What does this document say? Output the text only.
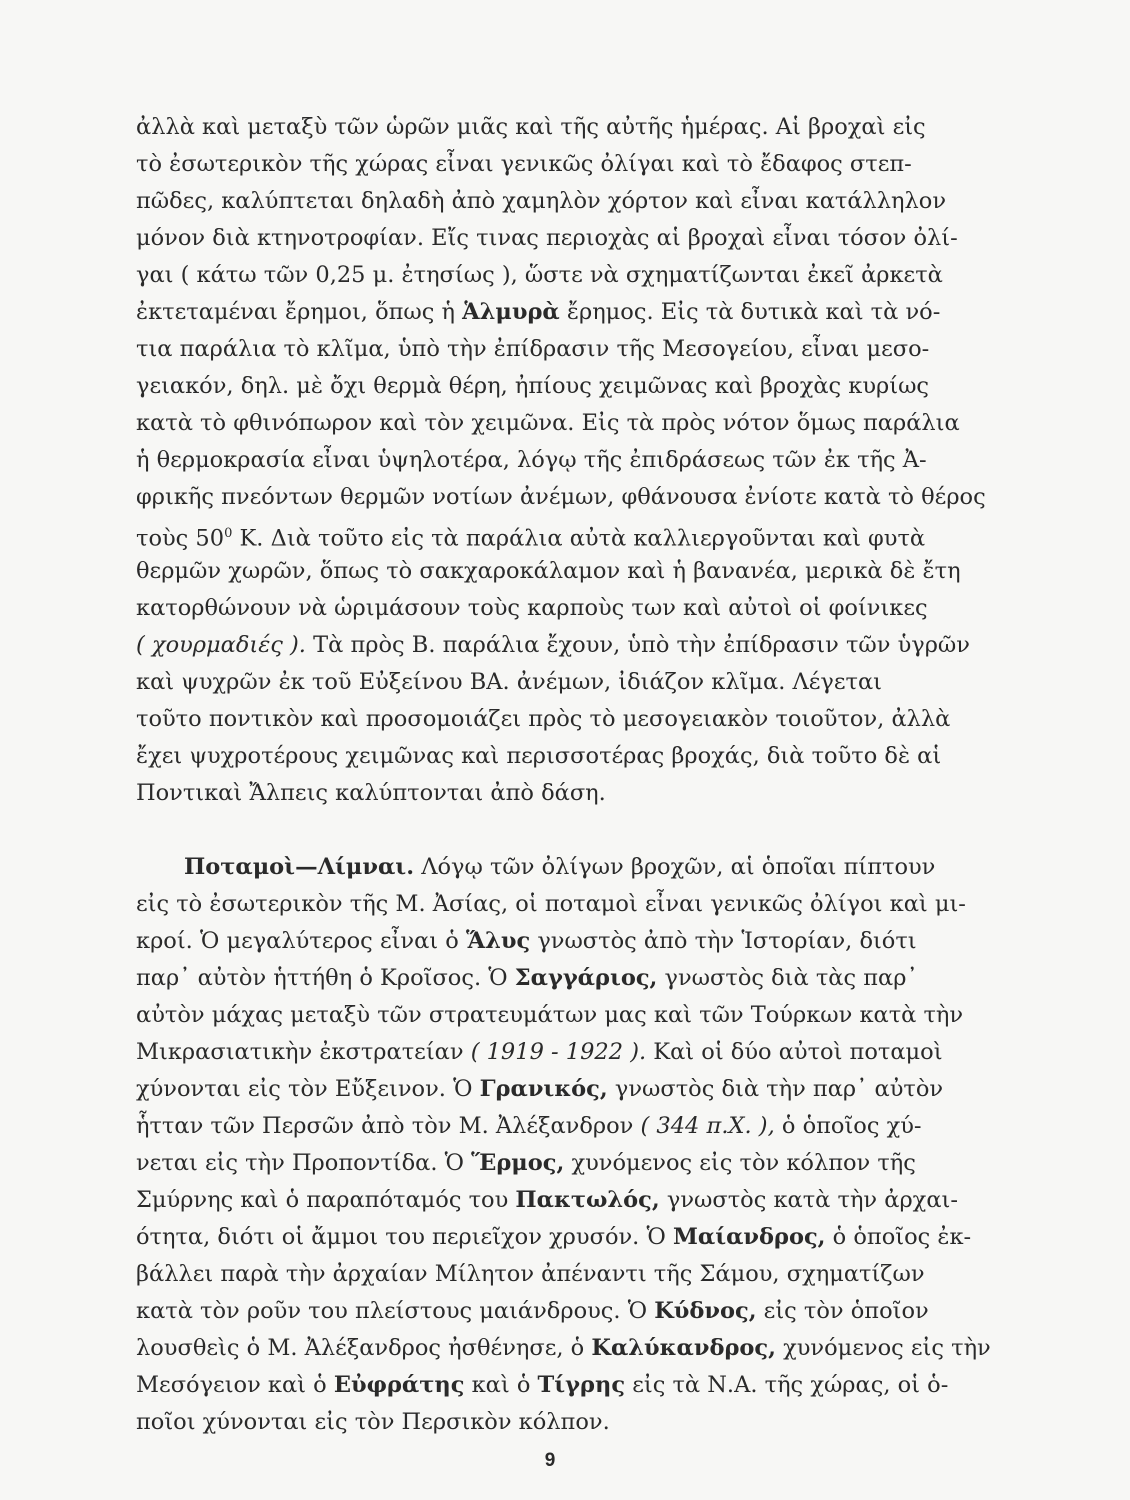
ἀλλὰ καὶ μεταξὺ τῶν ὡρῶν μιᾶς καὶ τῆς αὐτῆς ἡμέρας. Αἱ βροχαὶ εἰς
τὸ ἐσωτερικὸν τῆς χώρας εἶναι γενικῶς ὀλίγαι καὶ τὸ ἔδαφος στεπ-
πῶδες, καλύπτεται δηλαδὴ ἀπὸ χαμηλὸν χόρτον καὶ εἶναι κατάλληλον
μόνον διὰ κτηνοτροφίαν. Εἴς τινας περιοχὰς αἱ βροχαὶ εἶναι τόσον ὀλί-
γαι ( κάτω τῶν 0,25 μ. ἐτησίως ), ὥστε νὰ σχηματίζωνται ἐκεῖ ἀρκετὰ
ἐκτεταμέναι ἔρημοι, ὅπως ἡ Ἁλμυρὰ ἔρημος. Εἰς τὰ δυτικὰ καὶ τὰ νό-
τια παράλια τὸ κλῖμα, ὑπὸ τὴν ἐπίδρασιν τῆς Μεσογείου, εἶναι μεσο-
γειακόν, δηλ. μὲ ὄχι θερμὰ θέρη, ἠπίους χειμῶνας καὶ βροχὰς κυρίως
κατὰ τὸ φθινόπωρον καὶ τὸν χειμῶνα. Εἰς τὰ πρὸς νότον ὅμως παράλια
ἡ θερμοκρασία εἶναι ὑψηλοτέρα, λόγῳ τῆς ἐπιδράσεως τῶν ἐκ τῆς Ἀ-
φρικῆς πνεόντων θερμῶν νοτίων ἀνέμων, φθάνουσα ἐνίοτε κατὰ τὸ θέρος
τοὺς $50^0$ Κ. Διὰ τοῦτο εἰς τὰ παράλια αὐτὰ καλλιεργοῦνται καὶ φυτὰ
θερμῶν χωρῶν, ὅπως τὸ σακχαροκάλαμον καὶ ἡ βανανέα, μερικὰ δὲ ἔτη
κατορθώνουν νὰ ὡριμάσουν τοὺς καρποὺς των καὶ αὐτοὶ οἱ φοίνικες
( χουρμαδιές ). Τὰ πρὸς Β. παράλια ἔχουν, ὑπὸ τὴν ἐπίδρασιν τῶν ὑγρῶν
καὶ ψυχρῶν ἐκ τοῦ Εὐξείνου ΒΑ. ἀνέμων, ἰδιάζον κλῖμα. Λέγεται
τοῦτο ποντικὸν καὶ προσομοιάζει πρὸς τὸ μεσογειακὸν τοιοῦτον, ἀλλὰ
ἔχει ψυχροτέρους χειμῶνας καὶ περισσοτέρας βροχάς, διὰ τοῦτο δὲ αἱ
Ποντικαὶ Ἄλπεις καλύπτονται ἀπὸ δάση.
Ποταμοὶ—Λίμναι. Λόγῳ τῶν ὀλίγων βροχῶν, αἱ ὁποῖαι πίπτουν
εἰς τὸ ἐσωτερικὸν τῆς Μ. Ἀσίας, οἱ ποταμοὶ εἶναι γενικῶς ὀλίγοι καὶ μι-
κροί. Ὁ μεγαλύτερος εἶναι ὁ Ἅλυς γνωστὸς ἀπὸ τὴν Ἱστορίαν, διότι
παρ᾽ αὐτὸν ἡττήθη ὁ Κροῖσος. Ὁ Σαγγάριος, γνωστὸς διὰ τὰς παρ᾽
αὐτὸν μάχας μεταξὺ τῶν στρατευμάτων μας καὶ τῶν Τούρκων κατὰ τὴν
Μικρασιατικὴν ἐκστρατείαν ( 1919 - 1922 ). Καὶ οἱ δύο αὐτοὶ ποταμοὶ
χύνονται εἰς τὸν Εὔξεινον. Ὁ Γρανικός, γνωστὸς διὰ τὴν παρ᾽ αὐτὸν
ἧτταν τῶν Περσῶν ἀπὸ τὸν Μ. Ἀλέξανδρον ( 344 π.Χ. ), ὁ ὁποῖος χύ-
νεται εἰς τὴν Προποντίδα. Ὁ Ἕρμος, χυνόμενος εἰς τὸν κόλπον τῆς
Σμύρνης καὶ ὁ παραπόταμός του Πακτωλός, γνωστὸς κατὰ τὴν ἀρχαι-
ότητα, διότι οἱ ἄμμοι του περιεῖχον χρυσόν. Ὁ Μαίανδρος, ὁ ὁποῖος ἐκ-
βάλλει παρὰ τὴν ἀρχαίαν Μίλητον ἀπέναντι τῆς Σάμου, σχηματίζων
κατὰ τὸν ροῦν του πλείστους μαιάνδρους. Ὁ Κύδνος, εἰς τὸν ὁποῖον
λουσθεὶς ὁ Μ. Ἀλέξανδρος ἠσθένησε, ὁ Καλύκανδρος, χυνόμενος εἰς τὴν
Μεσόγειον καὶ ὁ Εὐφράτης καὶ ὁ Τίγρης εἰς τὰ Ν.Α. τῆς χώρας, οἱ ὁ-
ποῖοι χύνονται εἰς τὸν Περσικὸν κόλπον.
9
